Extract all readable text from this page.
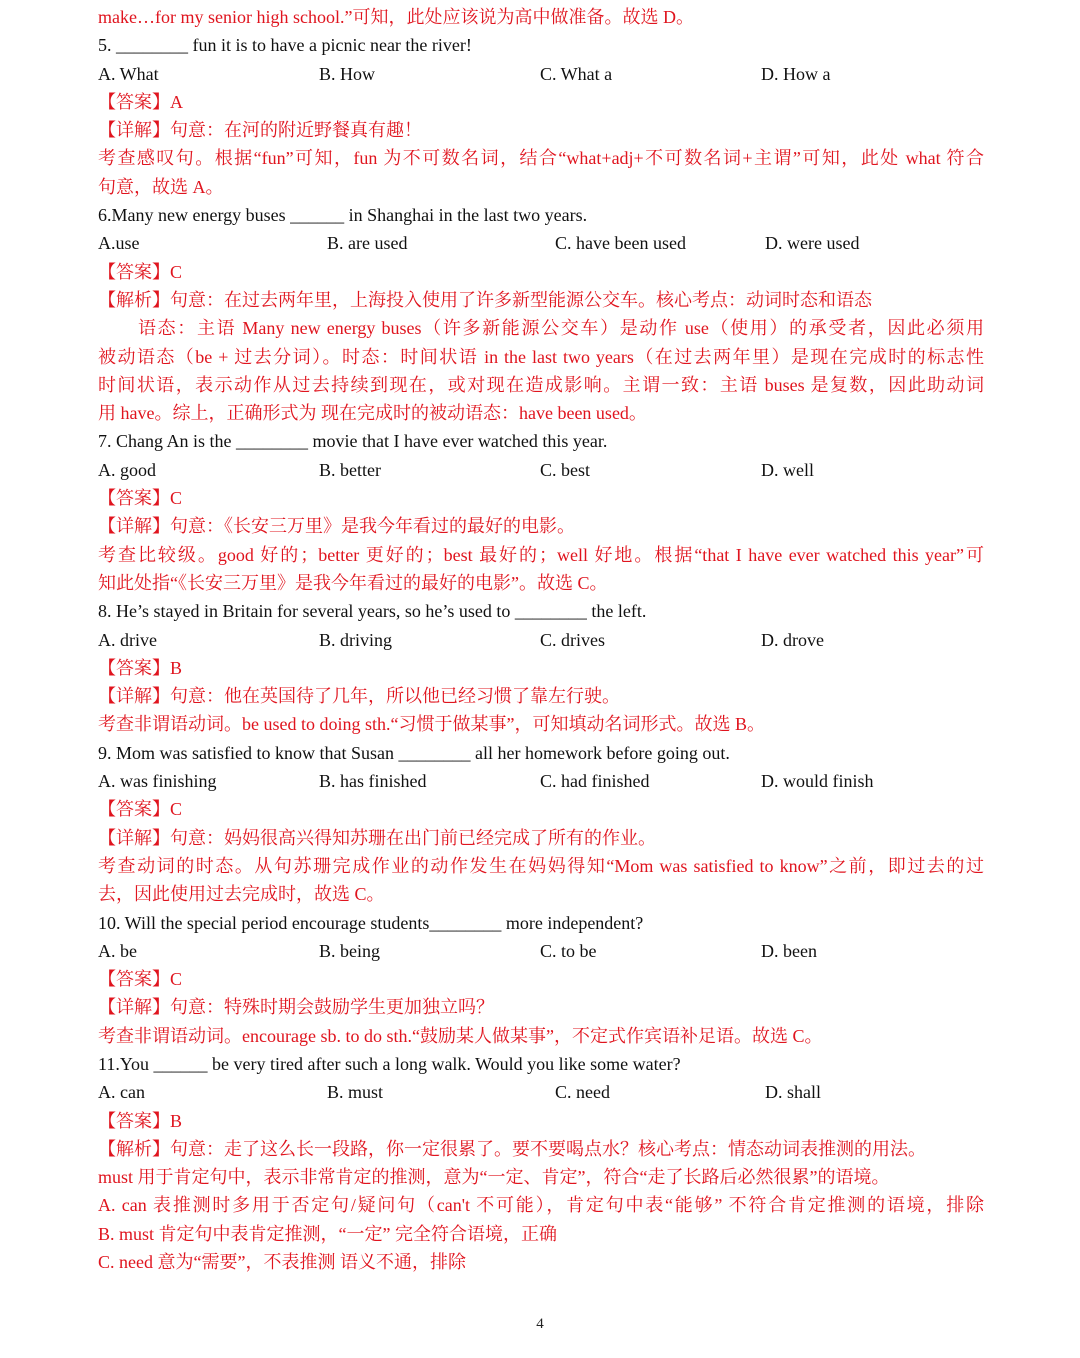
make…for my senior high school.”可知，此处应该说为高中做准备。故选 D。
5. ________ fun it is to have a picnic near the river!
A. What	B. How	C. What a	D. How a
【答案】A
【详解】句意：在河的附近野餐真有趣！
考查感叹句。根据“fun”可知，fun 为不可数名词，结合“what+adj+不可数名词+主谓”可知，此处 what 符合
句意，故选 A。
6.Many new energy buses ______ in Shanghai in the last two years.
A.use	B. are used	C. have been used	D. were used
【答案】C
【解析】句意：在过去两年里，上海投入使用了许多新型能源公交车。核心考点：动词时态和语态
语态：主语 Many new energy buses（许多新能源公交车）是动作 use（使用）的承受者，因此必须用
被动语态（be + 过去分词）。时态：时间状语 in the last two years（在过去两年里）是现在完成时的标志性
时间状语，表示动作从过去持续到现在，或对现在造成影响。主谓一致：主语 buses 是复数，因此助动词
用 have。综上，正确形式为 现在完成时的被动语态：have been used。
7. Chang An is the ________ movie that I have ever watched this year.
A. good	B. better	C. best	D. well
【答案】C
【详解】句意：《长安三万里》是我今年看过的最好的电影。
考查比较级。good 好的；better 更好的；best 最好的；well 好地。根据“that I have ever watched this year”可
知此处指“《长安三万里》是我今年看过的最好的电影”。故选 C。
8. He’s stayed in Britain for several years, so he’s used to ________ the left.
A. drive	B. driving	C. drives	D. drove
【答案】B
【详解】句意：他在英国待了几年，所以他已经习惯了靠左行驶。
考查非谓语动词。be used to doing sth.“习惯于做某事”，可知填动名词形式。故选 B。
9. Mom was satisfied to know that Susan ________ all her homework before going out.
A. was finishing	B. has finished	C. had finished	D. would finish
【答案】C
【详解】句意：妈妈很高兴得知苏珊在出门前已经完成了所有的作业。
考查动词的时态。从句苏珊完成作业的动作发生在妈妈得知“Mom was satisfied to know”之前，即过去的过
去，因此使用过去完成时，故选 C。
10. Will the special period encourage students________ more independent?
A. be	B. being	C. to be	D. been
【答案】C
【详解】句意：特殊时期会鼓励学生更加独立吗？
考查非谓语动词。encourage sb. to do sth.“鼓励某人做某事”，不定式作宾语补足语。故选 C。
11.You ______ be very tired after such a long walk. Would you like some water?
A. can	B. must	C. need	D. shall
【答案】B
【解析】句意：走了这么长一段路，你一定很累了。要不要喝点水？核心考点：情态动词表推测的用法。
must 用于肯定句中，表示非常肯定的推测，意为“一定、肯定”，符合“走了长路后必然很累”的语境。
A. can 表推测时多用于否定句/疑问句（can't 不可能），肯定句中表“能够” 不符合肯定推测的语境，排除
B. must 肯定句中表肯定推测，“一定” 完全符合语境，正确
C. need 意为“需要”，不表推测 语义不通，排除
4
